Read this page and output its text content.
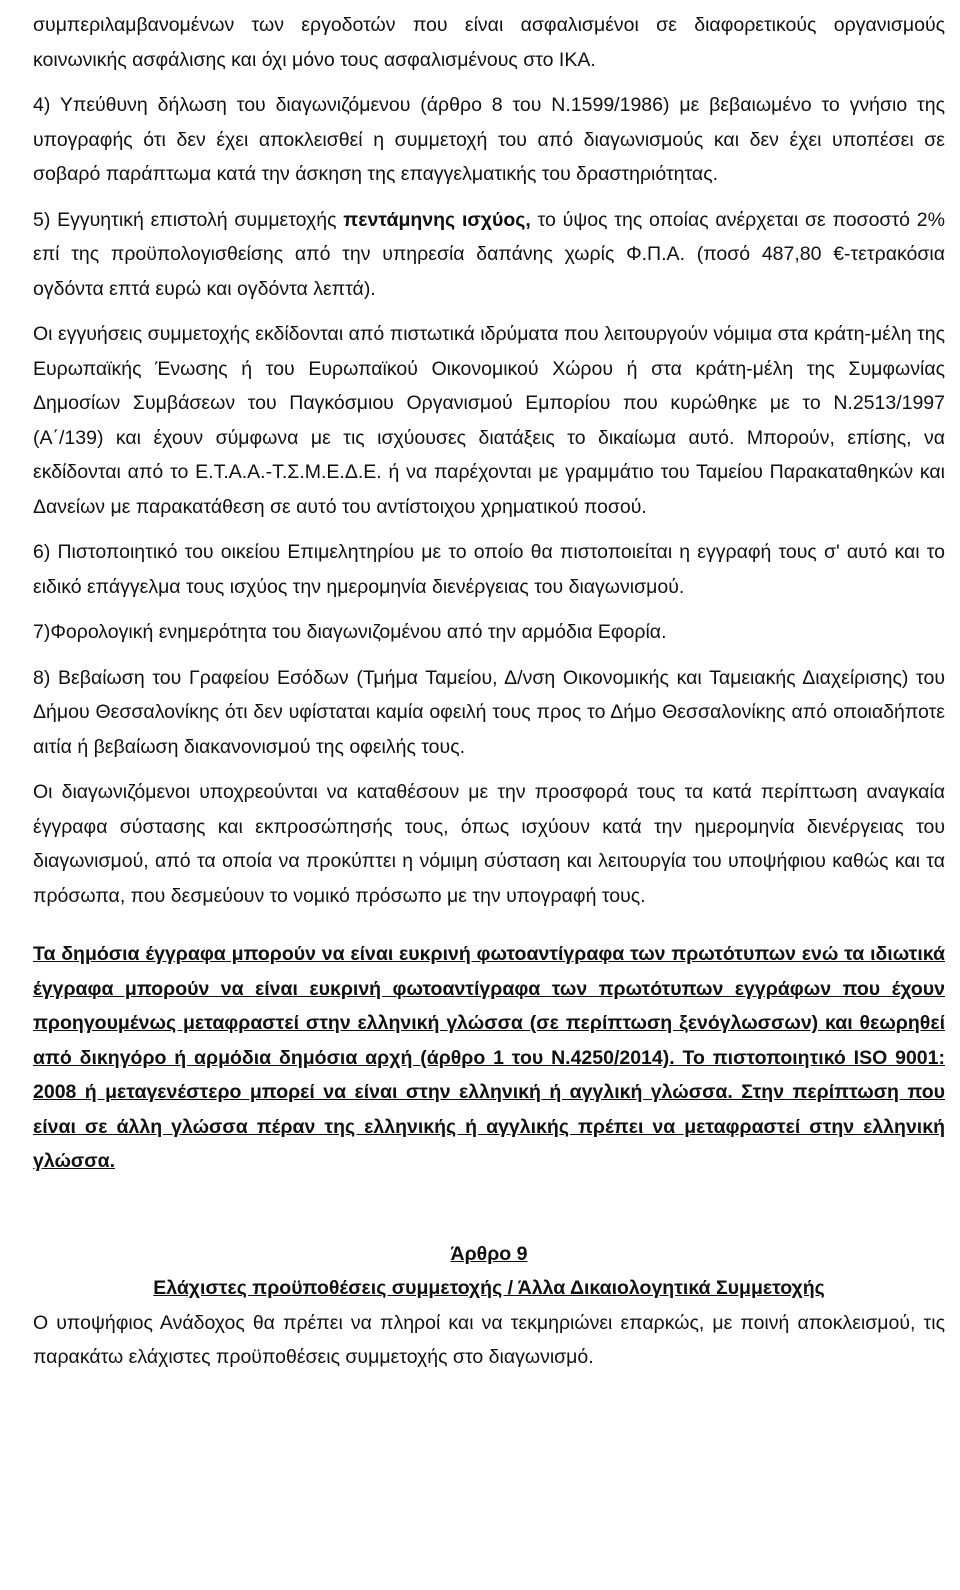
συμπεριλαμβανομένων των εργοδοτών που είναι ασφαλισμένοι σε διαφορετικούς οργανισμούς κοινωνικής ασφάλισης και όχι μόνο τους ασφαλισμένους στο ΙΚΑ.

4) Υπεύθυνη δήλωση του διαγωνιζόμενου (άρθρο 8 του Ν.1599/1986) με βεβαιωμένο το γνήσιο της υπογραφής ότι δεν έχει αποκλεισθεί η συμμετοχή του από διαγωνισμούς και δεν έχει υποπέσει σε σοβαρό παράπτωμα κατά την άσκηση της επαγγελματικής του δραστηριότητας.

5) Εγγυητική επιστολή συμμετοχής πεντάμηνης ισχύος, το ύψος της οποίας ανέρχεται σε ποσοστό 2% επί της προϋπολογισθείσης από την υπηρεσία δαπάνης χωρίς Φ.Π.Α. (ποσό 487,80 €-τετρακόσια ογδόντα επτά ευρώ και ογδόντα λεπτά).

Οι εγγυήσεις συμμετοχής εκδίδονται από πιστωτικά ιδρύματα που λειτουργούν νόμιμα στα κράτη-μέλη της Ευρωπαϊκής Ένωσης ή του Ευρωπαϊκού Οικονομικού Χώρου ή στα κράτη-μέλη της Συμφωνίας Δημοσίων Συμβάσεων του Παγκόσμιου Οργανισμού Εμπορίου που κυρώθηκε με το Ν.2513/1997 (Α΄/139) και έχουν σύμφωνα με τις ισχύουσες διατάξεις το δικαίωμα αυτό. Μπορούν, επίσης, να εκδίδονται από το Ε.Τ.Α.Α.-Τ.Σ.Μ.Ε.Δ.Ε. ή να παρέχονται με γραμμάτιο του Ταμείου Παρακαταθηκών και Δανείων με παρακατάθεση σε αυτό του αντίστοιχου χρηματικού ποσού.

6) Πιστοποιητικό του οικείου Επιμελητηρίου με το οποίο θα πιστοποιείται η εγγραφή τους σ' αυτό και το ειδικό επάγγελμα τους ισχύος την ημερομηνία διενέργειας του διαγωνισμού.

7)Φορολογική ενημερότητα του διαγωνιζομένου από την αρμόδια Εφορία.

8) Βεβαίωση του Γραφείου Εσόδων (Τμήμα Ταμείου, Δ/νση Οικονομικής και Ταμειακής Διαχείρισης) του Δήμου Θεσσαλονίκης ότι δεν υφίσταται καμία οφειλή τους προς το Δήμο Θεσσαλονίκης από οποιαδήποτε αιτία ή βεβαίωση διακανονισμού της οφειλής τους.

Οι διαγωνιζόμενοι υποχρεούνται να καταθέσουν με την προσφορά τους τα κατά περίπτωση αναγκαία έγγραφα σύστασης και εκπροσώπησής τους, όπως ισχύουν κατά την ημερομηνία διενέργειας του διαγωνισμού, από τα οποία να προκύπτει η νόμιμη σύσταση και λειτουργία του υποψήφιου καθώς και τα πρόσωπα, που δεσμεύουν το νομικό πρόσωπο με την υπογραφή τους.

Τα δημόσια έγγραφα μπορούν να είναι ευκρινή φωτοαντίγραφα των πρωτότυπων ενώ τα ιδιωτικά έγγραφα μπορούν να είναι ευκρινή φωτοαντίγραφα των πρωτότυπων εγγράφων που έχουν προηγουμένως μεταφραστεί στην ελληνική γλώσσα (σε περίπτωση ξενόγλωσσων) και θεωρηθεί από δικηγόρο ή αρμόδια δημόσια αρχή (άρθρο 1 του Ν.4250/2014). Το πιστοποιητικό ISO 9001: 2008 ή μεταγενέστερο μπορεί να είναι στην ελληνική ή αγγλική γλώσσα. Στην περίπτωση που είναι σε άλλη γλώσσα πέραν της ελληνικής ή αγγλικής πρέπει να μεταφραστεί στην ελληνική γλώσσα.

Άρθρο 9

Ελάχιστες προϋποθέσεις συμμετοχής / Άλλα Δικαιολογητικά Συμμετοχής

Ο υποψήφιος Ανάδοχος θα πρέπει να πληροί και να τεκμηριώνει επαρκώς, με ποινή αποκλεισμού, τις παρακάτω ελάχιστες προϋποθέσεις συμμετοχής στο διαγωνισμό.
